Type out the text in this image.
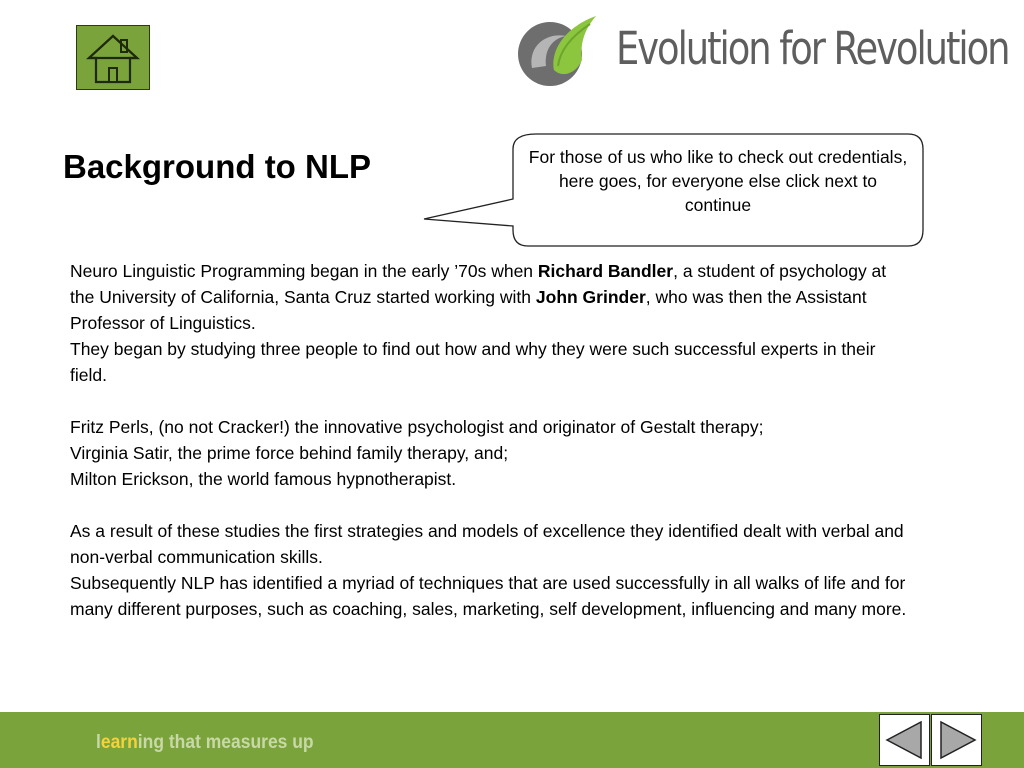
Evolution for Revolution
Background to NLP	For those of us who like to check out credentials, here goes, for everyone else click next to continue

Neuro Linguistic Programming began in the early ’70s when Richard Bandler, a student of psychology at the University of California, Santa Cruz started working with John Grinder, who was then the Assistant Professor of Linguistics.

They began by studying three people to find out how and why they were such successful experts in their field.

Fritz Perls, (no not Cracker!) the innovative psychologist and originator of Gestalt therapy;

Virginia Satir, the prime force behind family therapy, and;

Milton Erickson, the world famous hypnotherapist.

As a result of these studies the first strategies and models of excellence they identified dealt with verbal and non-verbal communication skills.

Subsequently NLP has identified a myriad of techniques that are used successfully in all walks of life and for many different purposes, such as coaching, sales, marketing, self development, influencing and many more.

learning that measures up
